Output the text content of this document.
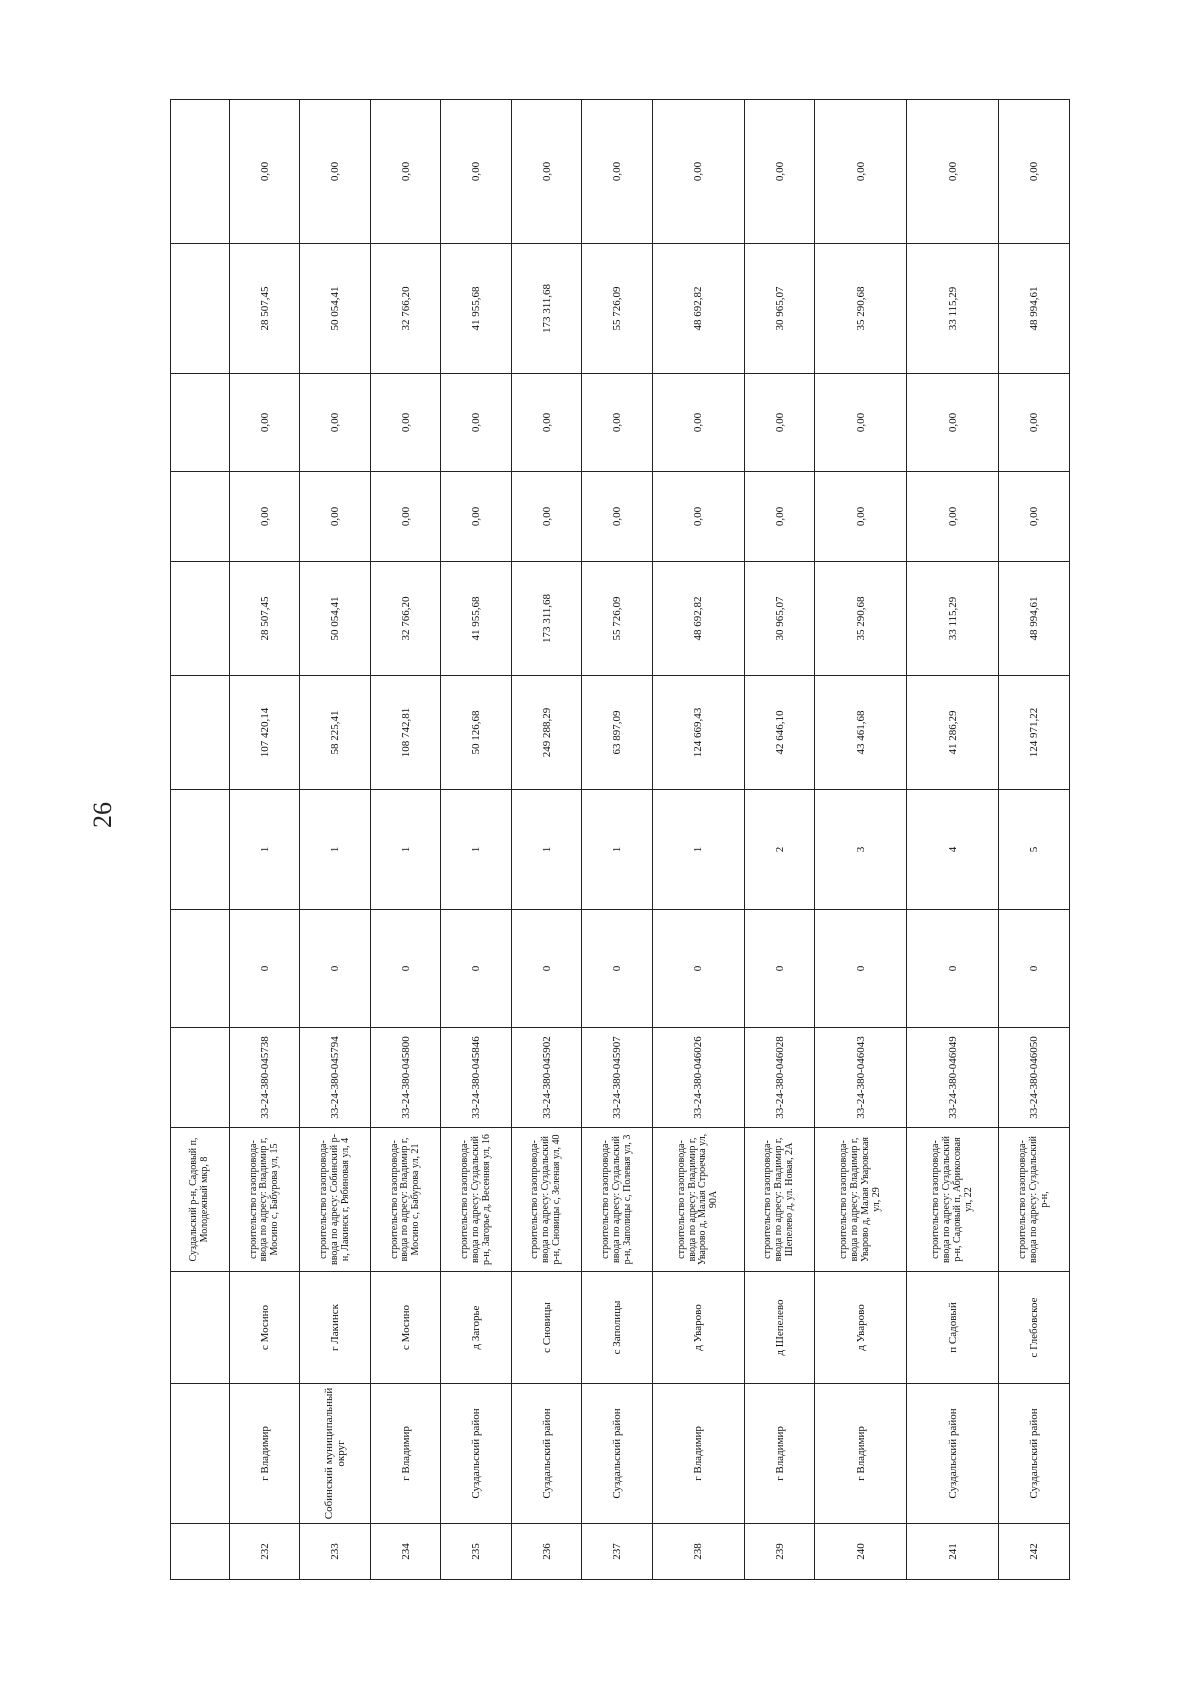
26
			Суздальский р-н, Садовый п, Молодежный мкр, 8									
232	г Владимир	с Мосино	строительство газопровода-ввода по адресу: Владимир г, Мосино с, Бабурова ул, 15	33-24-380-045738	0	1	107 420,14	28 507,45	0,00	0,00	28 507,45	0,00
233	Собинский муниципальный округ	г Лакинск	строительство газопровода-ввода по адресу: Собинский р-н, Лакинск г, Рябиновая ул, 4	33-24-380-045794	0	1	58 225,41	50 054,41	0,00	0,00	50 054,41	0,00
234	г Владимир	с Мосино	строительство газопровода-ввода по адресу: Владимир г, Мосино с, Бабурова ул, 21	33-24-380-045800	0	1	108 742,81	32 766,20	0,00	0,00	32 766,20	0,00
235	Суздальский район	д Загорье	строительство газопровода-ввода по адресу: Суздальский р-н, Загорье д, Весенняя ул, 16	33-24-380-045846	0	1	50 126,68	41 955,68	0,00	0,00	41 955,68	0,00
236	Суздальский район	с Сновицы	строительство газопровода-ввода по адресу: Суздальский р-н, Сновицы с, Зеленая ул, 40	33-24-380-045902	0	1	249 288,29	173 311,68	0,00	0,00	173 311,68	0,00
237	Суздальский район	с Заполицы	строительство газопровода-ввода по адресу: Суздальский р-н, Заполицы с, Полевая ул, 3	33-24-380-045907	0	1	63 897,09	55 726,09	0,00	0,00	55 726,09	0,00
238	г Владимир	д Уварово	строительство газопровода-ввода по адресу: Владимир г, Уварово д, Малая Строечка ул, 90А	33-24-380-046026	0	1	124 669,43	48 692,82	0,00	0,00	48 692,82	0,00
239	г Владимир	д Шепелево	строительство газопровода-ввода по адресу: Владимир г, Шепелево д, ул. Новая, 2А	33-24-380-046028	0	2	42 646,10	30 965,07	0,00	0,00	30 965,07	0,00
240	г Владимир	д Уварово	строительство газопровода-ввода по адресу: Владимир г, Уварово д, Малая Уваровская ул, 29	33-24-380-046043	0	3	43 461,68	35 290,68	0,00	0,00	35 290,68	0,00
241	Суздальский район	п Садовый	строительство газопровода-ввода по адресу: Суздальский р-н, Садовый п, Абрикосовая ул, 22	33-24-380-046049	0	4	41 286,29	33 115,29	0,00	0,00	33 115,29	0,00
242	Суздальский район	с Глебовское	строительство газопровода-ввода по адресу: Суздальский р-н,	33-24-380-046050	0	5	124 971,22	48 994,61	0,00	0,00	48 994,61	0,00
